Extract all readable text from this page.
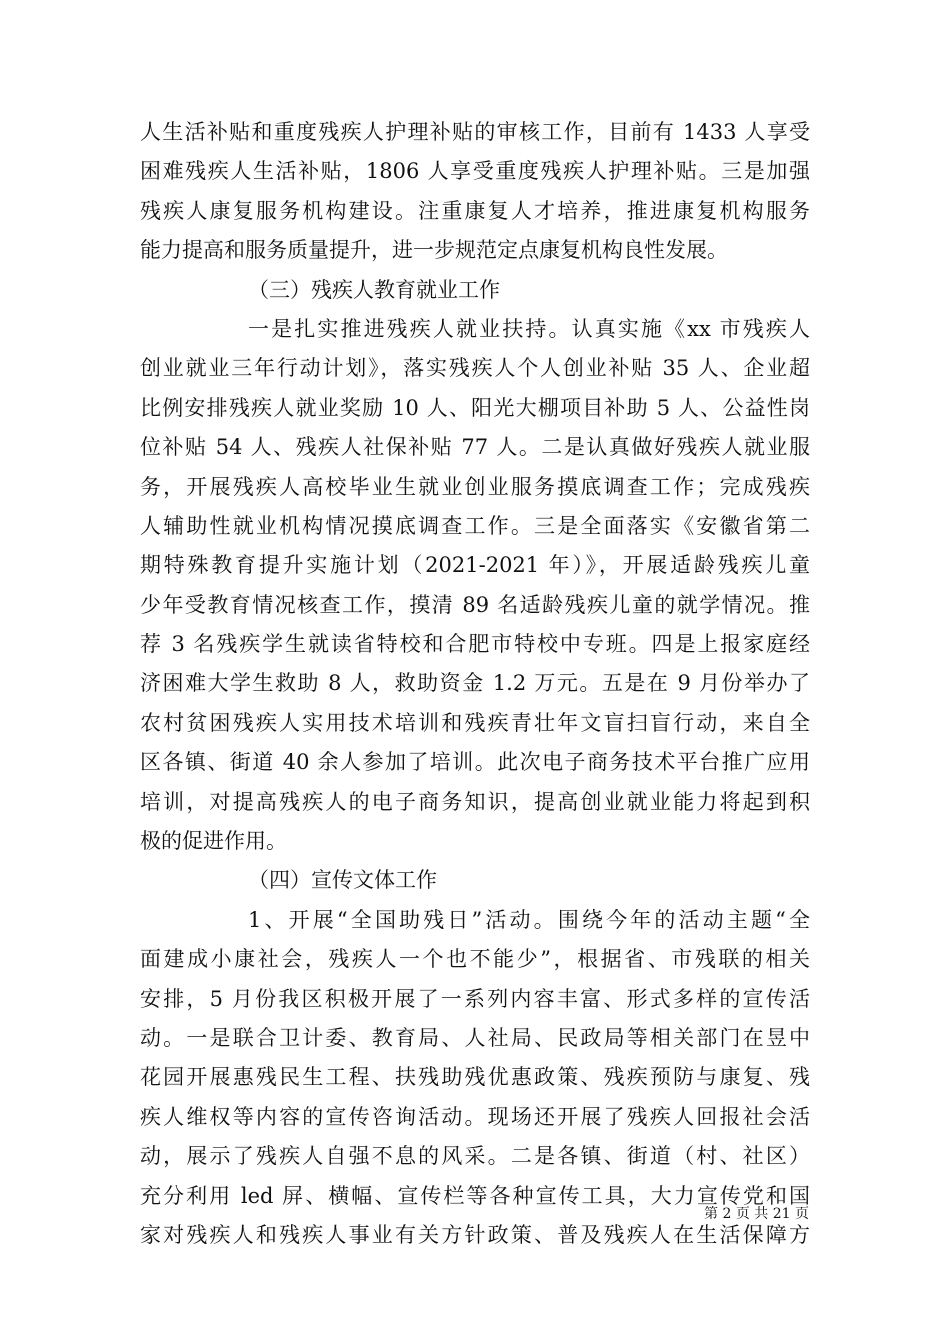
人生活补贴和重度残疾人护理补贴的审核工作，目前有 1433 人享受
困难残疾人生活补贴，1806 人享受重度残疾人护理补贴。三是加强
残疾人康复服务机构建设。注重康复人才培养，推进康复机构服务
能力提高和服务质量提升，进一步规范定点康复机构良性发展。
（三）残疾人教育就业工作
一是扎实推进残疾人就业扶持。认真实施《xx 市残疾人
创业就业三年行动计划》，落实残疾人个人创业补贴 35 人、企业超
比例安排残疾人就业奖励 10 人、阳光大棚项目补助 5 人、公益性岗
位补贴 54 人、残疾人社保补贴 77 人。二是认真做好残疾人就业服
务，开展残疾人高校毕业生就业创业服务摸底调查工作；完成残疾
人辅助性就业机构情况摸底调查工作。三是全面落实《安徽省第二
期特殊教育提升实施计划（2021-2021 年）》，开展适龄残疾儿童
少年受教育情况核查工作，摸清 89 名适龄残疾儿童的就学情况。推
荐 3 名残疾学生就读省特校和合肥市特校中专班。四是上报家庭经
济困难大学生救助 8 人，救助资金 1.2 万元。五是在 9 月份举办了
农村贫困残疾人实用技术培训和残疾青壮年文盲扫盲行动，来自全
区各镇、街道 40 余人参加了培训。此次电子商务技术平台推广应用
培训，对提高残疾人的电子商务知识，提高创业就业能力将起到积
极的促进作用。
（四）宣传文体工作
1、开展“全国助残日”活动。围绕今年的活动主题“全
面建成小康社会，残疾人一个也不能少”，根据省、市残联的相关
安排，5 月份我区积极开展了一系列内容丰富、形式多样的宣传活
动。一是联合卫计委、教育局、人社局、民政局等相关部门在昱中
花园开展惠残民生工程、扶残助残优惠政策、残疾预防与康复、残
疾人维权等内容的宣传咨询活动。现场还开展了残疾人回报社会活
动，展示了残疾人自强不息的风采。二是各镇、街道（村、社区）
充分利用 led 屏、横幅、宣传栏等各种宣传工具，大力宣传党和国
家对残疾人和残疾人事业有关方针政策、普及残疾人在生活保障方
第 2 页 共 21 页
